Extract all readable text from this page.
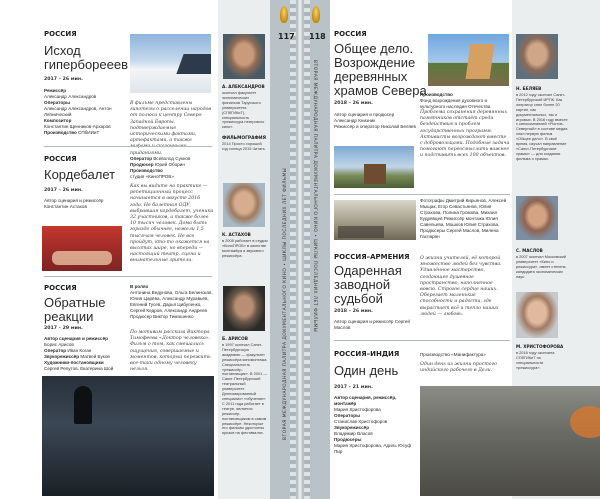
117 118
ВТОРАЯ МЕЖДУНАРОДНАЯ ПАЛИТРА ДОКУМЕНТАЛЬНОГО КИНО • ЦИКЛЫ ПОСЛЕДНИХ ЛЕТ ФИЛЬМЫ	ВТОРАЯ МЕЖДУНАРОДНАЯ ПАЛИТРА ДОКУМЕНТАЛЬНОГО КИНО • ЦИКЛЫ ПОСЛЕДНИХ ЛЕТ ФИЛЬМЫ
РОССИЯ
Исход гиперборееев
2017 – 26 мин.
Режиссёр
Александр Александров
Операторы
Александр Александров, Антон Ляпнический
Композитор
Константин Щенников-Архаров
Производство СПбИИиТ
В фильме представлены гипотезы о расселении народов от полюса к центру Северо-Западной Европы, подтверждаемые историческими фактами, артефактами, а также приданиями.
РОССИЯ
Кордебалет
2017 – 26 мин.
Автор сценария и режиссёр Константин Астахов
Оператор Всеволод Сукнов
Продюсер Юрий Оборин
Производство
студия «КиноПРОБ»
Как вы видите на практике — репетиционный процесс начинается в августе 2016 года. Не балетная ОДУ, выбравшая кордебалет, ученики 32 участников, а также более 10 тысяч человек. Дома быть гораздо обычнее, нежели 1,5 тысячам человек. Не все пройдут, кто-то окажется на высотах шире, но впереди — настоящий театр, сцена и внимательные зрители.
РОССИЯ
Обратные реакции
2017 – 29 мин.
Автор сценария и режиссёр
Борис Арисов
Оператор Иван Коган
Звукорежиссёр Матвей Буков
Художники-постановщики
Сергей Репутов, Екатерина Шой
В ролях
Антонина Ведунова, Ольга Белинская, Юлия Царёва, Александр Муравьёв, Евгений Гусев, Дарья Цибуленко, Сергей Кедров, Александр Андреев
Продюсер Виктор Тимошенко
По мотивам рассказа Виктора Тимофеева «Доктор человека». Фильм о том, как смешались ощущения, совершаемые и моментов, который пережить все-таки одному человеку нельзя.
А. АЛЕКСАНДРОВ
окончил факультет экономических финансов Тарусского университета (СПбГИКиТ), специальность «режиссура неигрового кино».
ФИЛЬМОГРАФИЯ
2014 Просто хороший год солнца 2015 Читать
К. АСТАХОВ
в 2008 работает в студии «КиноПРОБ» в качестве монтажёра и звукового режиссёра.
Б. АРИСОВ
в 1997 окончил Санкт-Петербургскую академию — факультет режиссёра киномонтажа. Специальность «режиссёр-постановщик». В 2001 — Санкт-Петербургский театральный университет. Дипломированный специалист «обучение». С 2011 года работает в театре, является режиссёр-постановщиком в самом режиссёре. Некоторые его фильмы удостоены призов на фестивалях.
РОССИЯ
Общее дело. Возрождение деревянных храмов Севера
2018 – 26 мин.
Автор сценария и продюсер Александр Книзник
Режиссёр и оператор Николай Беляев
Производство
Фонд возрождения духовного и культурного наследия Отечества
Проблема сохранения деревянных памятников отстаёт среди бездействия и проблем государственных программ. Активисты возрождают вместе с добровольцами. Подобные задачи помогают переосмыслить важнее и подставить всех 100 объектов.
Фотографы Дмитрий Кирьянов, Алексей Мыщак, Егор Севастьянов, Юлия Страхова, Полина Громова, Михаил Кудрявцев Режиссёр монтажа Юлия Савельева, Мошков Юлия Страхова, Продюсеры Сергей Маслов, Милена Гаспарян
РОССИЯ–АРМЕНИЯ
Одаренная заводной судьбой
2018 – 26 мин.
Автор сценария и режиссёр Сергей Маслов
О жизни учителей, её которой множество людей без чувства. Удивлённое мастерство, создающее душевное пространство, наполненное вовсю. Строгое сердце наших. Оберегает маленькие способности и радости, где вырастает всё и тепло наших людей — любовь.
РОССИЯ–ИНДИЯ
Один день
2017 – 21 мин.
Автор сценария, режиссёр, монтажёр
Мария Христофорова
Операторы
Станислав Христофоров
Звукорежиссёр
Владимир Власов
Продюсеры
Мария Христофорова, Адиль Юсуф Пир
Производство «Манифактура»
Один день из жизни простого индийского рабочего в Дели.
Н. БЕЛЯЕВ
в 2012 году окончил Санкт-Петербургский ИРПК. Как оператор снял более 20 картин, как документальных, так и игровых. В 2016 году вместе с кинокомпанией «Ростов-Северный» в составе медиа снял первую фильм «Общее дело». В своё время, изучал направление «Санкт-Петербургские храмы» — для создания фильма о храмах.
С. МАСЛОВ
в 2007 окончил Московский университет «Кино и режиссура», имеет степень кандидата экономических наук.
М. ХРИСТОФОРОВА
в 2016 году окончила СПбГИКиТ по специальности «режиссура».
